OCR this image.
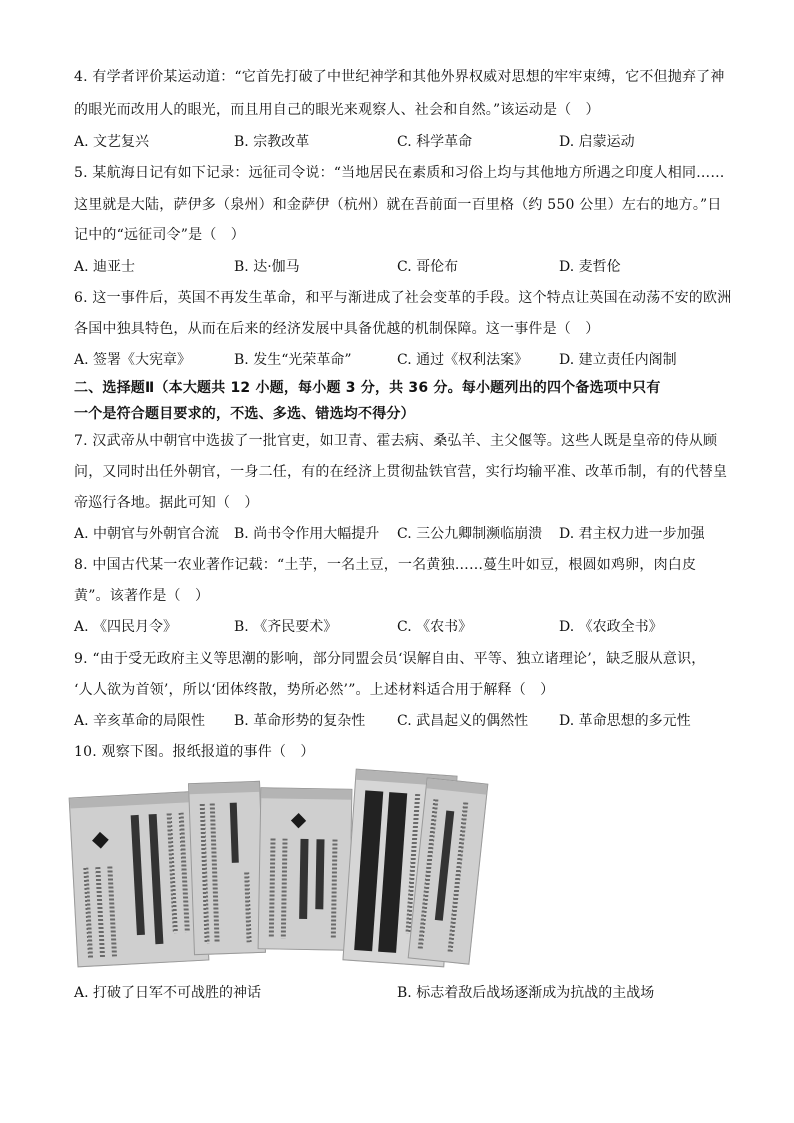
4. 有学者评价某运动道：“它首先打破了中世纪神学和其他外界权威对思想的牢牢束缚，它不但抛弃了神
的眼光而改用人的眼光，而且用自己的眼光来观察人、社会和自然。”该运动是（　）
A. 文艺复兴	B. 宗教改革	C. 科学革命	D. 启蒙运动
5. 某航海日记有如下记录：远征司令说：“当地居民在素质和习俗上均与其他地方所遇之印度人相同……
这里就是大陆，萨伊多（泉州）和金萨伊（杭州）就在吾前面一百里格（约 550 公里）左右的地方。”日
记中的“远征司令”是（　）
A. 迪亚士	B. 达·伽马	C. 哥伦布	D. 麦哲伦
6. 这一事件后，英国不再发生革命，和平与渐进成了社会变革的手段。这个特点让英国在动荡不安的欧洲
各国中独具特色，从而在后来的经济发展中具备优越的机制保障。这一事件是（　）
A. 签署《大宪章》	B. 发生“光荣革命”	C. 通过《权利法案》 D. 建立责任内阁制
二、选择题Ⅱ（本大题共 12 小题，每小题 3 分，共 36 分。每小题列出的四个备选项中只有
一个是符合题目要求的，不选、多选、错选均不得分）
7. 汉武帝从中朝官中选拔了一批官吏，如卫青、霍去病、桑弘羊、主父偃等。这些人既是皇帝的侍从顾
问，又同时出任外朝官，一身二任，有的在经济上贯彻盐铁官营，实行均输平准、改革币制，有的代替皇
帝巡行各地。据此可知（　）
A. 中朝官与外朝官合流 B. 尚书令作用大幅提升 C. 三公九卿制濒临崩溃 D. 君主权力进一步加强
8. 中国古代某一农业著作记载：“土芋，一名土豆，一名黄独……蔓生叶如豆，根圆如鸡卵，肉白皮
黄”。该著作是（　）
A. 《四民月令》	B. 《齐民要术》	C. 《农书》	D. 《农政全书》
9. “由于受无政府主义等思潮的影响，部分同盟会员‘误解自由、平等、独立诸理论’，缺乏服从意识，
‘人人欲为首领’，所以‘团体终散，势所必然’”。上述材料适合用于解释（　）
A. 辛亥革命的局限性 B. 革命形势的复杂性 C. 武昌起义的偶然性 D. 革命思想的多元性
10. 观察下图。报纸报道的事件（　）
◆
◆
A. 打破了日军不可战胜的神话	B. 标志着敌后战场逐渐成为抗战的主战场
